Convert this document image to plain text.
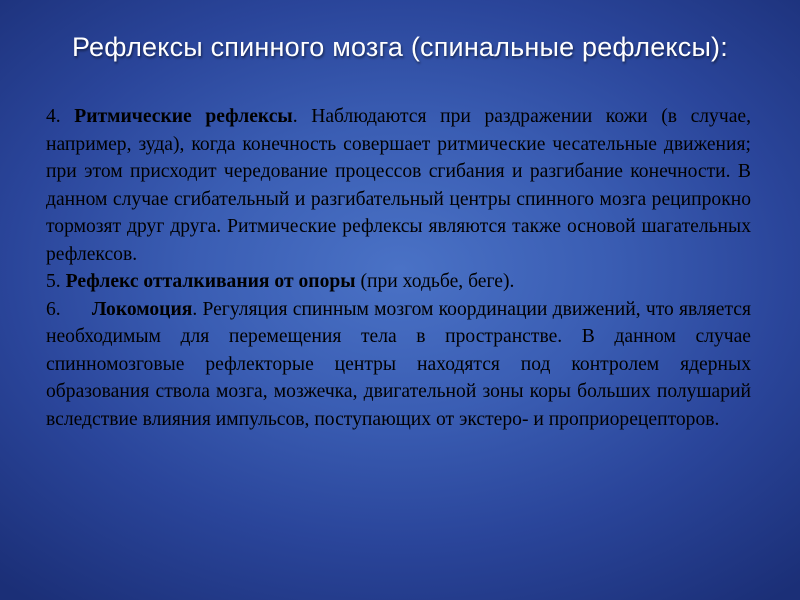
Рефлексы спинного мозга (спинальные рефлексы):

4. Ритмические рефлексы. Наблюдаются при раздражении кожи (в случае, например, зуда), когда конечность совершает ритмические чесательные движения; при этом присходит чередование процессов сгибания и разгибание конечности. В данном случае сгибательный и разгибательный центры спинного мозга реципрокно тормозят друг друга. Ритмические рефлексы являются также основой шагательных рефлексов.

5. Рефлекс отталкивания от опоры (при ходьбе, беге).

6. Локомоция. Регуляция спинным мозгом координации движений, что является необходимым для перемещения тела в пространстве. В данном случае спинномозговые рефлекторые центры находятся под контролем ядерных образования ствола мозга, мозжечка, двигательной зоны коры больших полушарий вследствие влияния импульсов, поступающих от экстеро- и проприорецепторов.
